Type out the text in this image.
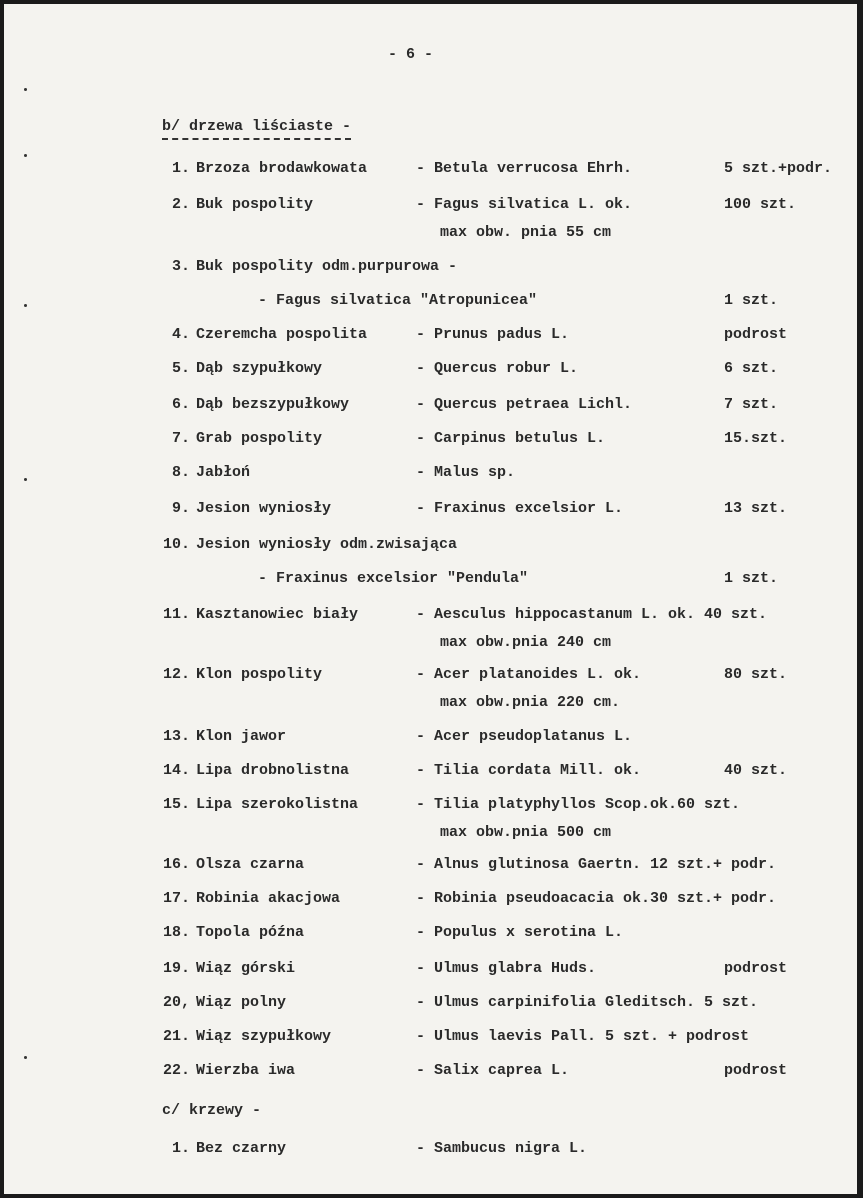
- 6 -
b/ drzewa liściaste -
1. Brzoza brodawkowata	- Betula verrucosa Ehrh.	5 szt.+podr.
2. Buk pospolity	- Fagus silvatica L. ok.	100 szt.
max obw. pnia 55 cm
3. Buk pospolity odm.purpurowa -
- Fagus silvatica "Atropunicea"	1 szt.
4. Czeremcha pospolita	- Prunus padus L.	podrost
5. Dąb szypułkowy	- Quercus robur L.	6 szt.
6. Dąb bezszypułkowy	- Quercus petraea Lichl.	7 szt.
7. Grab pospolity	- Carpinus betulus L.	15.szt.
8. Jabłoń	- Malus sp.
9. Jesion wyniosły	- Fraxinus excelsior L.	13 szt.
10. Jesion wyniosły odm.zwisająca
- Fraxinus excelsior "Pendula"	1 szt.
11. Kasztanowiec biały	- Aesculus hippocastanum L. ok. 40 szt.
max obw.pnia 240 cm
12. Klon pospolity	- Acer platanoides L. ok.	80 szt.
max obw.pnia 220 cm.
13. Klon jawor	- Acer pseudoplatanus L.
14. Lipa drobnolistna	- Tilia cordata Mill. ok.	40 szt.
15. Lipa szerokolistna	- Tilia platyphyllos Scop.ok.60 szt.
max obw.pnia 500 cm
16. Olsza czarna	- Alnus glutinosa Gaertn. 12 szt.+ podr.
17. Robinia akacjowa	- Robinia pseudoacacia ok.30 szt.+ podr.
18. Topola późna	- Populus x serotina L.
19. Wiąz górski	- Ulmus glabra Huds.	podrost
20, Wiąz polny	- Ulmus carpinifolia Gleditsch. 5 szt.
21. Wiąz szypułkowy	- Ulmus laevis Pall. 5 szt. + podrost
22. Wierzba iwa	- Salix caprea L.	podrost
c/ krzewy -
1. Bez czarny	- Sambucus nigra L.
